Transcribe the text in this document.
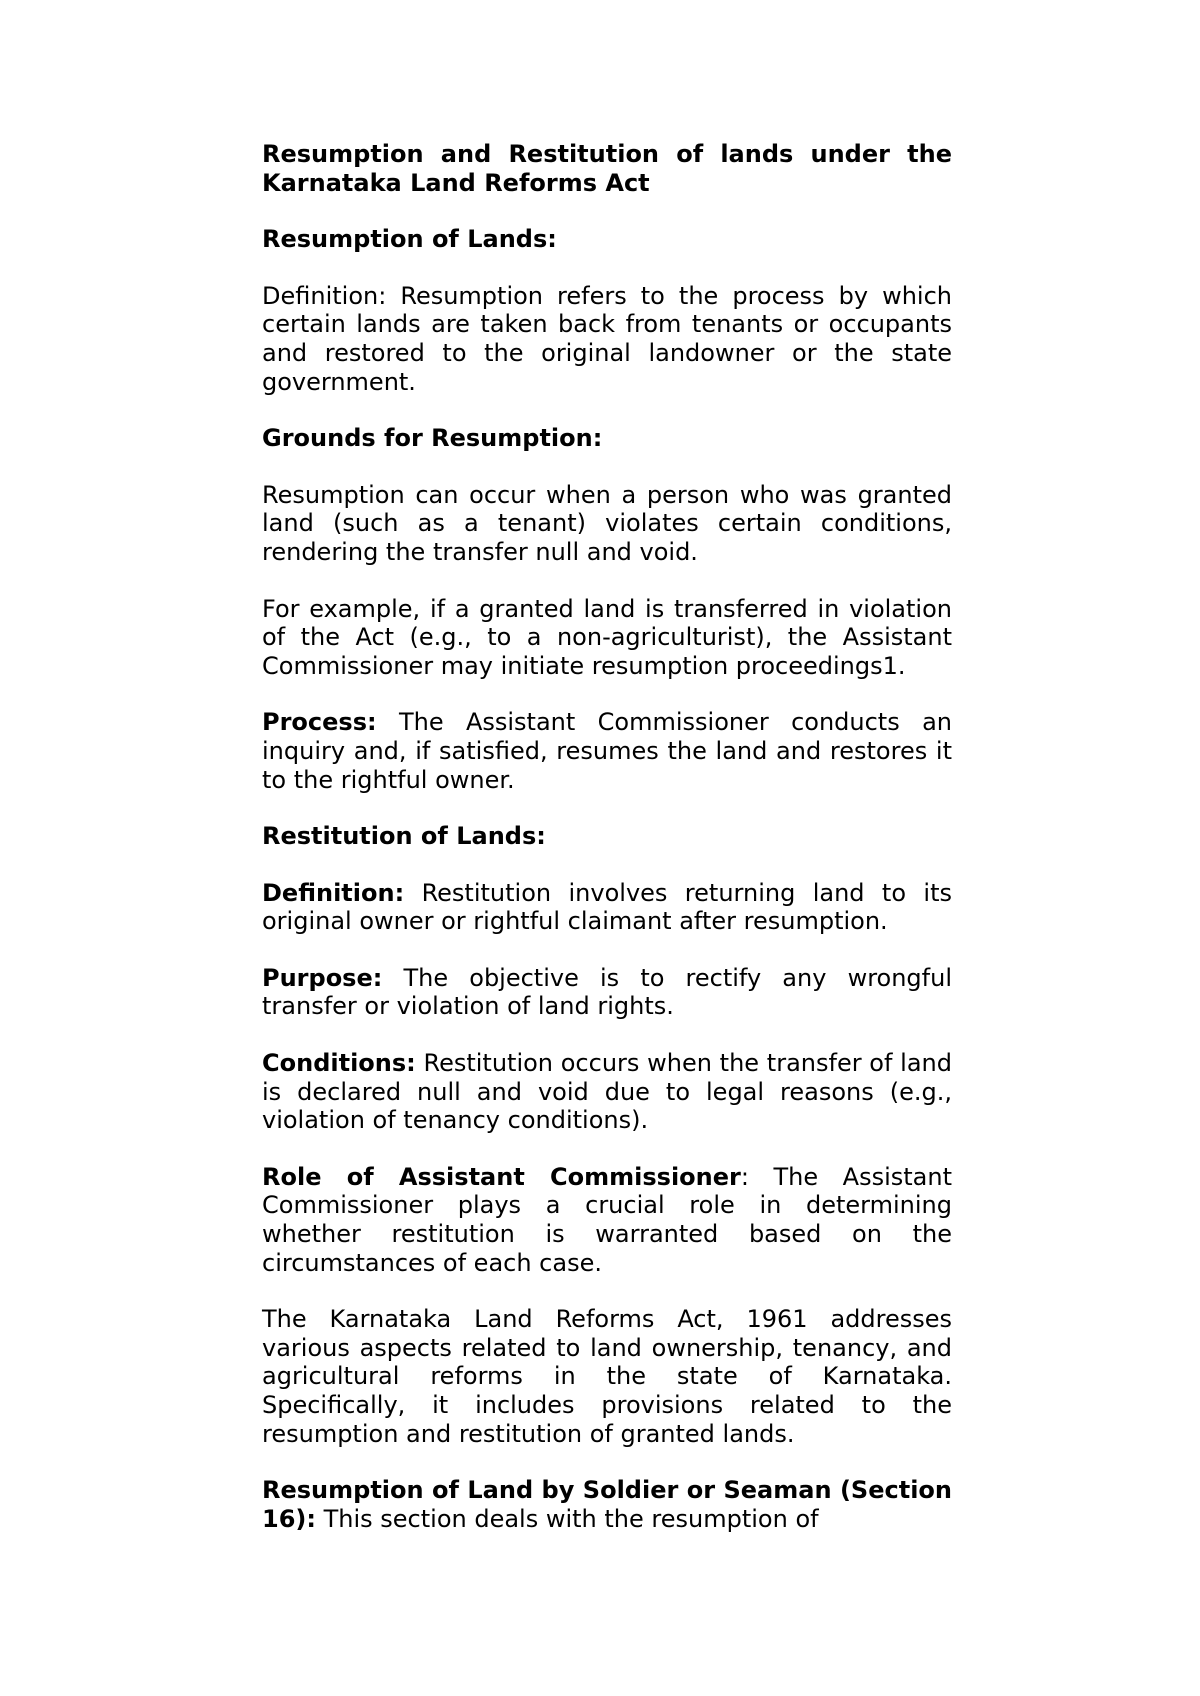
Resumption and Restitution of lands under the Karnataka Land Reforms Act

Resumption of Lands:

Definition: Resumption refers to the process by which certain lands are taken back from tenants or occupants and restored to the original landowner or the state government.

Grounds for Resumption:

Resumption can occur when a person who was granted land (such as a tenant) violates certain conditions, rendering the transfer null and void.

For example, if a granted land is transferred in violation of the Act (e.g., to a non-agriculturist), the Assistant Commissioner may initiate resumption proceedings1.

Process: The Assistant Commissioner conducts an inquiry and, if satisfied, resumes the land and restores it to the rightful owner.

Restitution of Lands:

Definition: Restitution involves returning land to its original owner or rightful claimant after resumption.

Purpose: The objective is to rectify any wrongful transfer or violation of land rights.

Conditions: Restitution occurs when the transfer of land is declared null and void due to legal reasons (e.g., violation of tenancy conditions).

Role of Assistant Commissioner: The Assistant Commissioner plays a crucial role in determining whether restitution is warranted based on the circumstances of each case.

The Karnataka Land Reforms Act, 1961 addresses various aspects related to land ownership, tenancy, and agricultural reforms in the state of Karnataka. Specifically, it includes provisions related to the resumption and restitution of granted lands.

Resumption of Land by Soldier or Seaman (Section 16): This section deals with the resumption of
